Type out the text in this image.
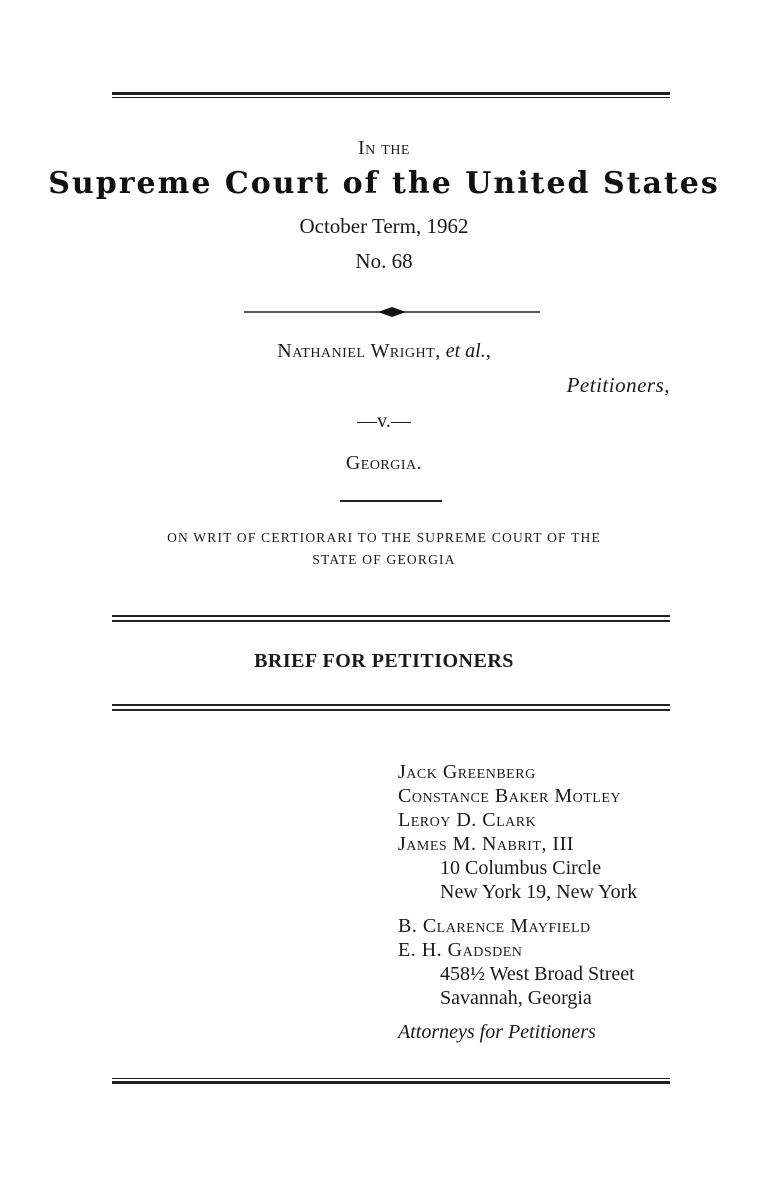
In the
Supreme Court of the United States
October Term, 1962
No. 68
Nathaniel Wright, et al.,
Petitioners,
—v.—
Georgia.
ON WRIT OF CERTIORARI TO THE SUPREME COURT OF THE
STATE OF GEORGIA
BRIEF FOR PETITIONERS
Jack Greenberg
Constance Baker Motley
Leroy D. Clark
James M. Nabrit, III
10 Columbus Circle
New York 19, New York
B. Clarence Mayfield
E. H. Gadsden
458½ West Broad Street
Savannah, Georgia
Attorneys for Petitioners
